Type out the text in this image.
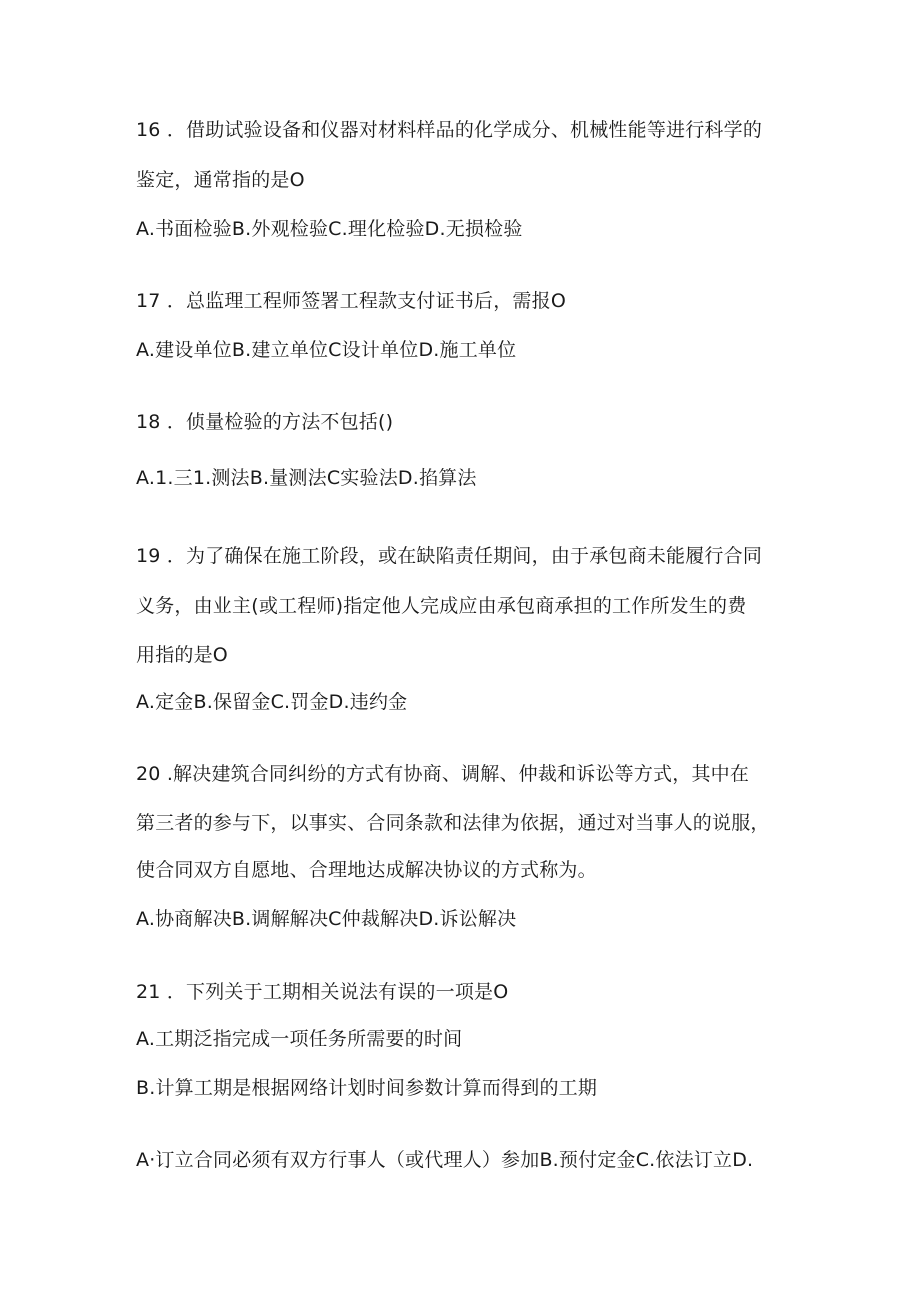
16 ．借助试验设备和仪器对材料样品的化学成分、机械性能等进行科学的
鉴定，通常指的是O
A.书面检验B.外观检验C.理化检验D.无损检验
17 ．总监理工程师签署工程款支付证书后，需报O
A.建设单位B.建立单位C设计单位D.施工单位
18 ．侦量检验的方法不包括()
A.1.三1.测法B.量测法C实验法D.掐算法
19 ．为了确保在施工阶段，或在缺陷责任期间，由于承包商未能履行合同
义务，由业主(或工程师)指定他人完成应由承包商承担的工作所发生的费
用指的是O
A.定金B.保留金C.罚金D.违约金
20 .解决建筑合同纠纷的方式有协商、调解、仲裁和诉讼等方式，其中在
第三者的参与下，以事实、合同条款和法律为依据，通过对当事人的说服，
使合同双方自愿地、合理地达成解决协议的方式称为。
A.协商解决B.调解解决C仲裁解决D.诉讼解决
21 ．下列关于工期相关说法有误的一项是O
A.工期泛指完成一项任务所需要的时间
B.计算工期是根据网络计划时间参数计算而得到的工期
A·订立合同必须有双方行事人（或代理人）参加B.预付定金C.依法订立D.
